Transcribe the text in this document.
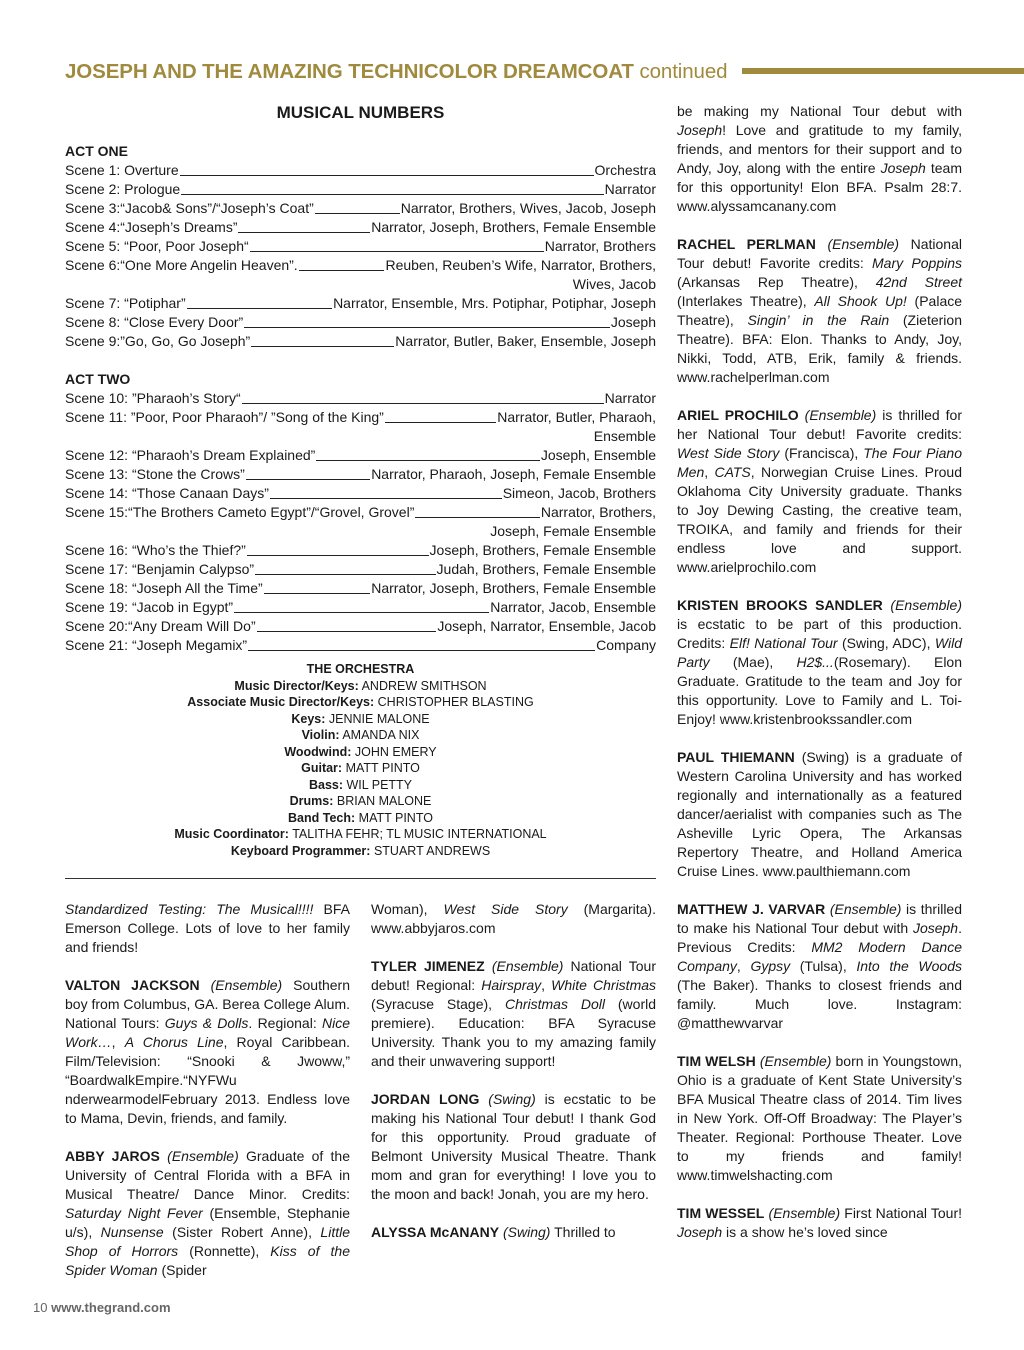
JOSEPH AND THE AMAZING TECHNICOLOR DREAMCOAT continued
MUSICAL NUMBERS
ACT ONE
Scene 1: Overture	Orchestra
Scene 2: Prologue	Narrator
Scene 3:“Jacob& Sons”/“Joseph’s Coat”	Narrator, Brothers, Wives, Jacob, Joseph
Scene 4:“Joseph’s Dreams”	Narrator, Joseph, Brothers, Female Ensemble
Scene 5: “Poor, Poor Joseph“	Narrator, Brothers
Scene 6:“One More Angelin Heaven”.	Reuben, Reuben’s Wife, Narrator, Brothers,
Wives, Jacob
Scene 7: “Potiphar”	Narrator, Ensemble, Mrs. Potiphar, Potiphar, Joseph
Scene 8: “Close Every Door”	Joseph
Scene 9:”Go, Go, Go Joseph”	Narrator, Butler, Baker, Ensemble, Joseph
ACT TWO
Scene 10: ”Pharaoh’s Story“	Narrator
Scene 11: ”Poor, Poor Pharaoh”/ ”Song of the King”	Narrator, Butler, Pharaoh,
Ensemble
Scene 12: “Pharaoh’s Dream Explained”	Joseph, Ensemble
Scene 13: “Stone the Crows”	Narrator, Pharaoh, Joseph, Female Ensemble
Scene 14: “Those Canaan Days”	Simeon, Jacob, Brothers
Scene 15:“The Brothers Cameto Egypt”/“Grovel, Grovel”	Narrator, Brothers,
Joseph, Female Ensemble
Scene 16: “Who’s the Thief?”	Joseph, Brothers, Female Ensemble
Scene 17: “Benjamin Calypso”	Judah, Brothers, Female Ensemble
Scene 18: “Joseph All the Time”	Narrator, Joseph, Brothers, Female Ensemble
Scene 19: “Jacob in Egypt”	Narrator, Jacob, Ensemble
Scene 20:“Any Dream Will Do”	Joseph, Narrator, Ensemble, Jacob
Scene 21: “Joseph Megamix”	Company
THE ORCHESTRA
Music Director/Keys: ANDREW SMITHSON
Associate Music Director/Keys: CHRISTOPHER BLASTING
Keys: JENNIE MALONE
Violin: AMANDA NIX
Woodwind: JOHN EMERY
Guitar: MATT PINTO
Bass: WIL PETTY
Drums: BRIAN MALONE
Band Tech: MATT PINTO
Music Coordinator: TALITHA FEHR; TL MUSIC INTERNATIONAL
Keyboard Programmer: STUART ANDREWS

Standardized Testing: The Musical!!!! BFA Emerson College. Lots of love to her family and friends!

VALTON JACKSON (Ensemble) Southern boy from Columbus, GA. Berea College Alum. National Tours: Guys & Dolls. Regional: Nice Work…, A Chorus Line, Royal Caribbean. Film/Television: “Snooki & Jwoww,” “BoardwalkEmpire.“NYFWu nderwearmodelFebruary 2013. Endless love to Mama, Devin, friends, and family.

ABBY JAROS (Ensemble) Graduate of the University of Central Florida with a BFA in Musical Theatre/ Dance Minor. Credits: Saturday Night Fever (Ensemble, Stephanie u/s), Nunsense (Sister Robert Anne), Little Shop of Horrors (Ronnette), Kiss of the Spider Woman (Spider

Woman), West Side Story (Margarita). www.abbyjaros.com

TYLER JIMENEZ (Ensemble) National Tour debut! Regional: Hairspray, White Christmas (Syracuse Stage), Christmas Doll (world premiere). Education: BFA Syracuse University. Thank you to my amazing family and their unwavering support!

JORDAN LONG (Swing) is ecstatic to be making his National Tour debut! I thank God for this opportunity. Proud graduate of Belmont University Musical Theatre. Thank mom and gran for everything! I love you to the moon and back! Jonah, you are my hero.

ALYSSA McANANY (Swing) Thrilled to

be making my National Tour debut with Joseph! Love and gratitude to my family, friends, and mentors for their support and to Andy, Joy, along with the entire Joseph team for this opportunity! Elon BFA. Psalm 28:7. www.alyssamcanany.com

RACHEL PERLMAN (Ensemble) National Tour debut! Favorite credits: Mary Poppins (Arkansas Rep Theatre), 42nd Street (Interlakes Theatre), All Shook Up! (Palace Theatre), Singin’ in the Rain (Zieterion Theatre). BFA: Elon. Thanks to Andy, Joy, Nikki, Todd, ATB, Erik, family & friends. www.rachelperlman.com

ARIEL PROCHILO (Ensemble) is thrilled for her National Tour debut! Favorite credits: West Side Story (Francisca), The Four Piano Men, CATS, Norwegian Cruise Lines. Proud Oklahoma City University graduate. Thanks to Joy Dewing Casting, the creative team, TROIKA, and family and friends for their endless love and support. www.arielprochilo.com

KRISTEN BROOKS SANDLER (Ensemble) is ecstatic to be part of this production. Credits: Elf! National Tour (Swing, ADC), Wild Party (Mae), H2$...(Rosemary). Elon Graduate. Gratitude to the team and Joy for this opportunity. Love to Family and L. Toi- Enjoy! www.kristenbrookssandler.com

PAUL THIEMANN (Swing) is a graduate of Western Carolina University and has worked regionally and internationally as a featured dancer/aerialist with companies such as The Asheville Lyric Opera, The Arkansas Repertory Theatre, and Holland America Cruise Lines. www.paulthiemann.com

MATTHEW J. VARVAR (Ensemble) is thrilled to make his National Tour debut with Joseph. Previous Credits: MM2 Modern Dance Company, Gypsy (Tulsa), Into the Woods (The Baker). Thanks to closest friends and family. Much love. Instagram: @matthewvarvar

TIM WELSH (Ensemble) born in Youngstown, Ohio is a graduate of Kent State University’s BFA Musical Theatre class of 2014. Tim lives in New York. Off-Off Broadway: The Player’s Theater. Regional: Porthouse Theater. Love to my friends and family! www.timwelshacting.com

TIM WESSEL (Ensemble) First National Tour! Joseph is a show he’s loved since

10 www.thegrand.com
